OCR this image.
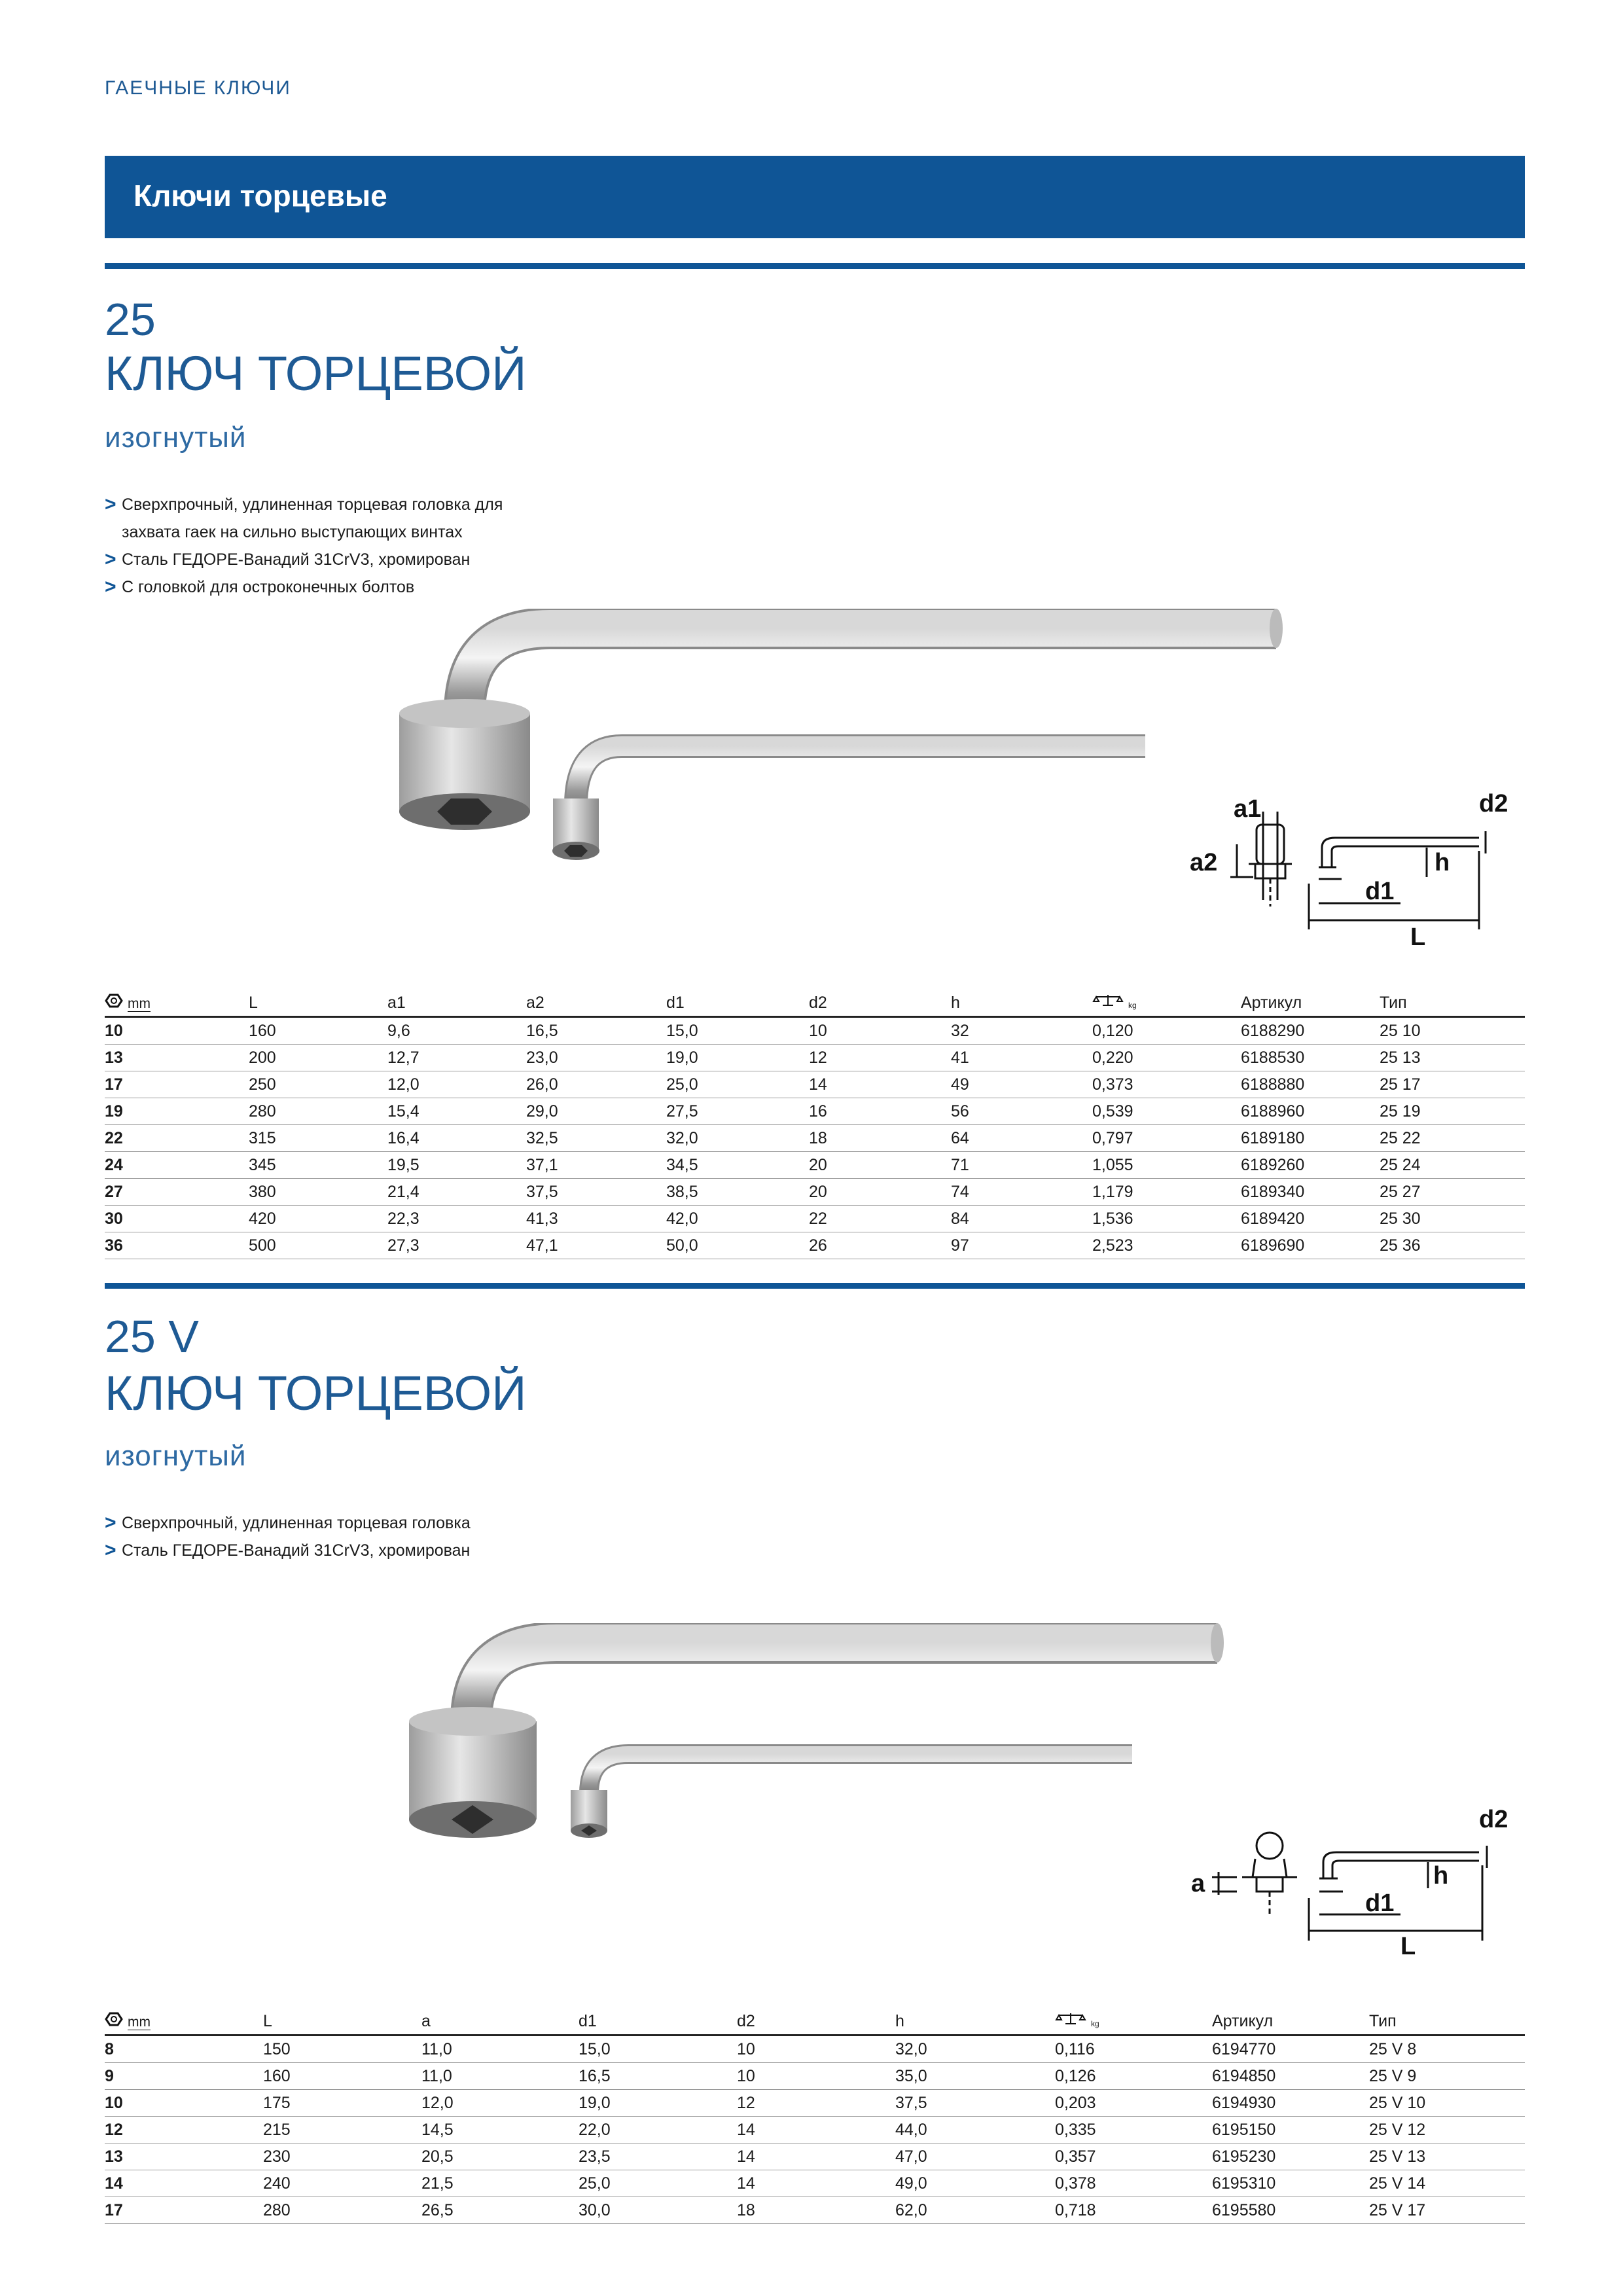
ГАЕЧНЫЕ КЛЮЧИ
Ключи торцевые
25
КЛЮЧ ТОРЦЕВОЙ
изогнутый
> Сверхпрочный, удлиненная торцевая головка для
захвата гаек на сильно выступающих винтах
> Сталь ГЕДОРЕ-Ванадий 31CrV3, хромирован
> С головкой для остроконечных болтов
a1
a2
d2
h
d1
L
mm	L	a1	a2	d1	d2	h	kg	Артикул	Тип
10	160	9,6	16,5	15,0	10	32	0,120	6188290	25 10
13	200	12,7	23,0	19,0	12	41	0,220	6188530	25 13
17	250	12,0	26,0	25,0	14	49	0,373	6188880	25 17
19	280	15,4	29,0	27,5	16	56	0,539	6188960	25 19
22	315	16,4	32,5	32,0	18	64	0,797	6189180	25 22
24	345	19,5	37,1	34,5	20	71	1,055	6189260	25 24
27	380	21,4	37,5	38,5	20	74	1,179	6189340	25 27
30	420	22,3	41,3	42,0	22	84	1,536	6189420	25 30
36	500	27,3	47,1	50,0	26	97	2,523	6189690	25 36
25 V
КЛЮЧ ТОРЦЕВОЙ
изогнутый
> Сверхпрочный, удлиненная торцевая головка
> Сталь ГЕДОРЕ-Ванадий 31CrV3, хромирован
a
d2
h
d1
L
mm	L	a	d1	d2	h	kg	Артикул	Тип
8	150	11,0	15,0	10	32,0	0,116	6194770	25 V 8
9	160	11,0	16,5	10	35,0	0,126	6194850	25 V 9
10	175	12,0	19,0	12	37,5	0,203	6194930	25 V 10
12	215	14,5	22,0	14	44,0	0,335	6195150	25 V 12
13	230	20,5	23,5	14	47,0	0,357	6195230	25 V 13
14	240	21,5	25,0	14	49,0	0,378	6195310	25 V 14
17	280	26,5	30,0	18	62,0	0,718	6195580	25 V 17
